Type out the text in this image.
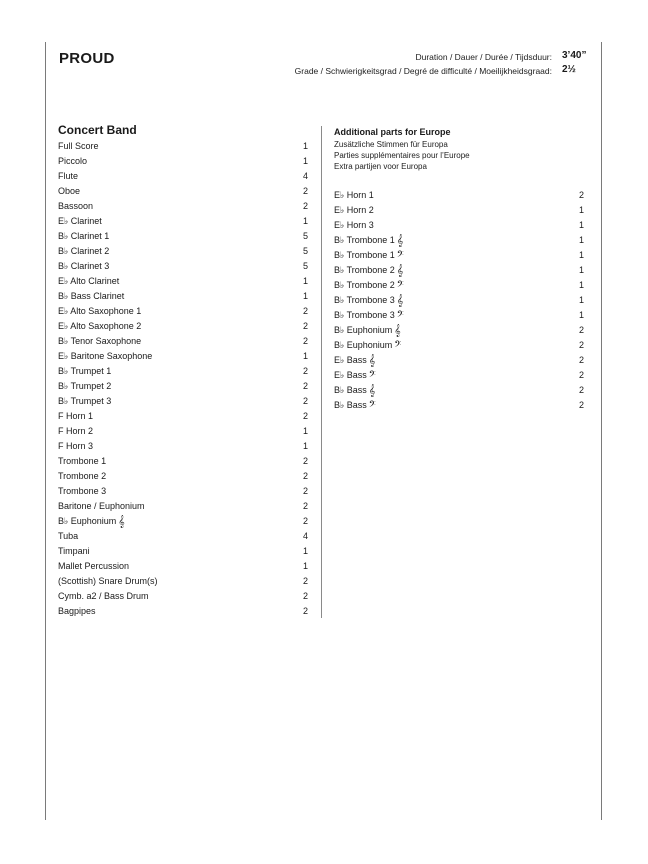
PROUD	Duration / Dauer / Durée / Tijdsduur: 3’40”
Grade / Schwierigkeitsgrad / Degré de difficulté / Moeilijkheidsgraad: 2½
Concert Band
Full Score	1
Piccolo	1
Flute	4
Oboe	2
Bassoon	2
E♭ Clarinet	1
B♭ Clarinet 1	5
B♭ Clarinet 2	5
B♭ Clarinet 3	5
E♭ Alto Clarinet	1
B♭ Bass Clarinet	1
E♭ Alto Saxophone 1	2
E♭ Alto Saxophone 2	2
B♭ Tenor Saxophone	2
E♭ Baritone Saxophone	1
B♭ Trumpet 1	2
B♭ Trumpet 2	2
B♭ Trumpet 3	2
F Horn 1	2
F Horn 2	1
F Horn 3	1
Trombone 1	2
Trombone 2	2
Trombone 3	2
Baritone / Euphonium	2
B♭ Euphonium 𝄞	2
Tuba	4
Timpani	1
Mallet Percussion	1
(Scottish) Snare Drum(s)	2
Cymb. a2 / Bass Drum	2
Bagpipes	2
Additional parts for Europe
Zusätzliche Stimmen für Europa
Parties supplémentaires pour l’Europe
Extra partijen voor Europa
E♭ Horn 1	2
E♭ Horn 2	1
E♭ Horn 3	1
B♭ Trombone 1 𝄞	1
B♭ Trombone 1 𝄢	1
B♭ Trombone 2 𝄞	1
B♭ Trombone 2 𝄢	1
B♭ Trombone 3 𝄞	1
B♭ Trombone 3 𝄢	1
B♭ Euphonium 𝄞	2
B♭ Euphonium 𝄢	2
E♭ Bass 𝄞	2
E♭ Bass 𝄢	2
B♭ Bass 𝄞	2
B♭ Bass 𝄢	2
